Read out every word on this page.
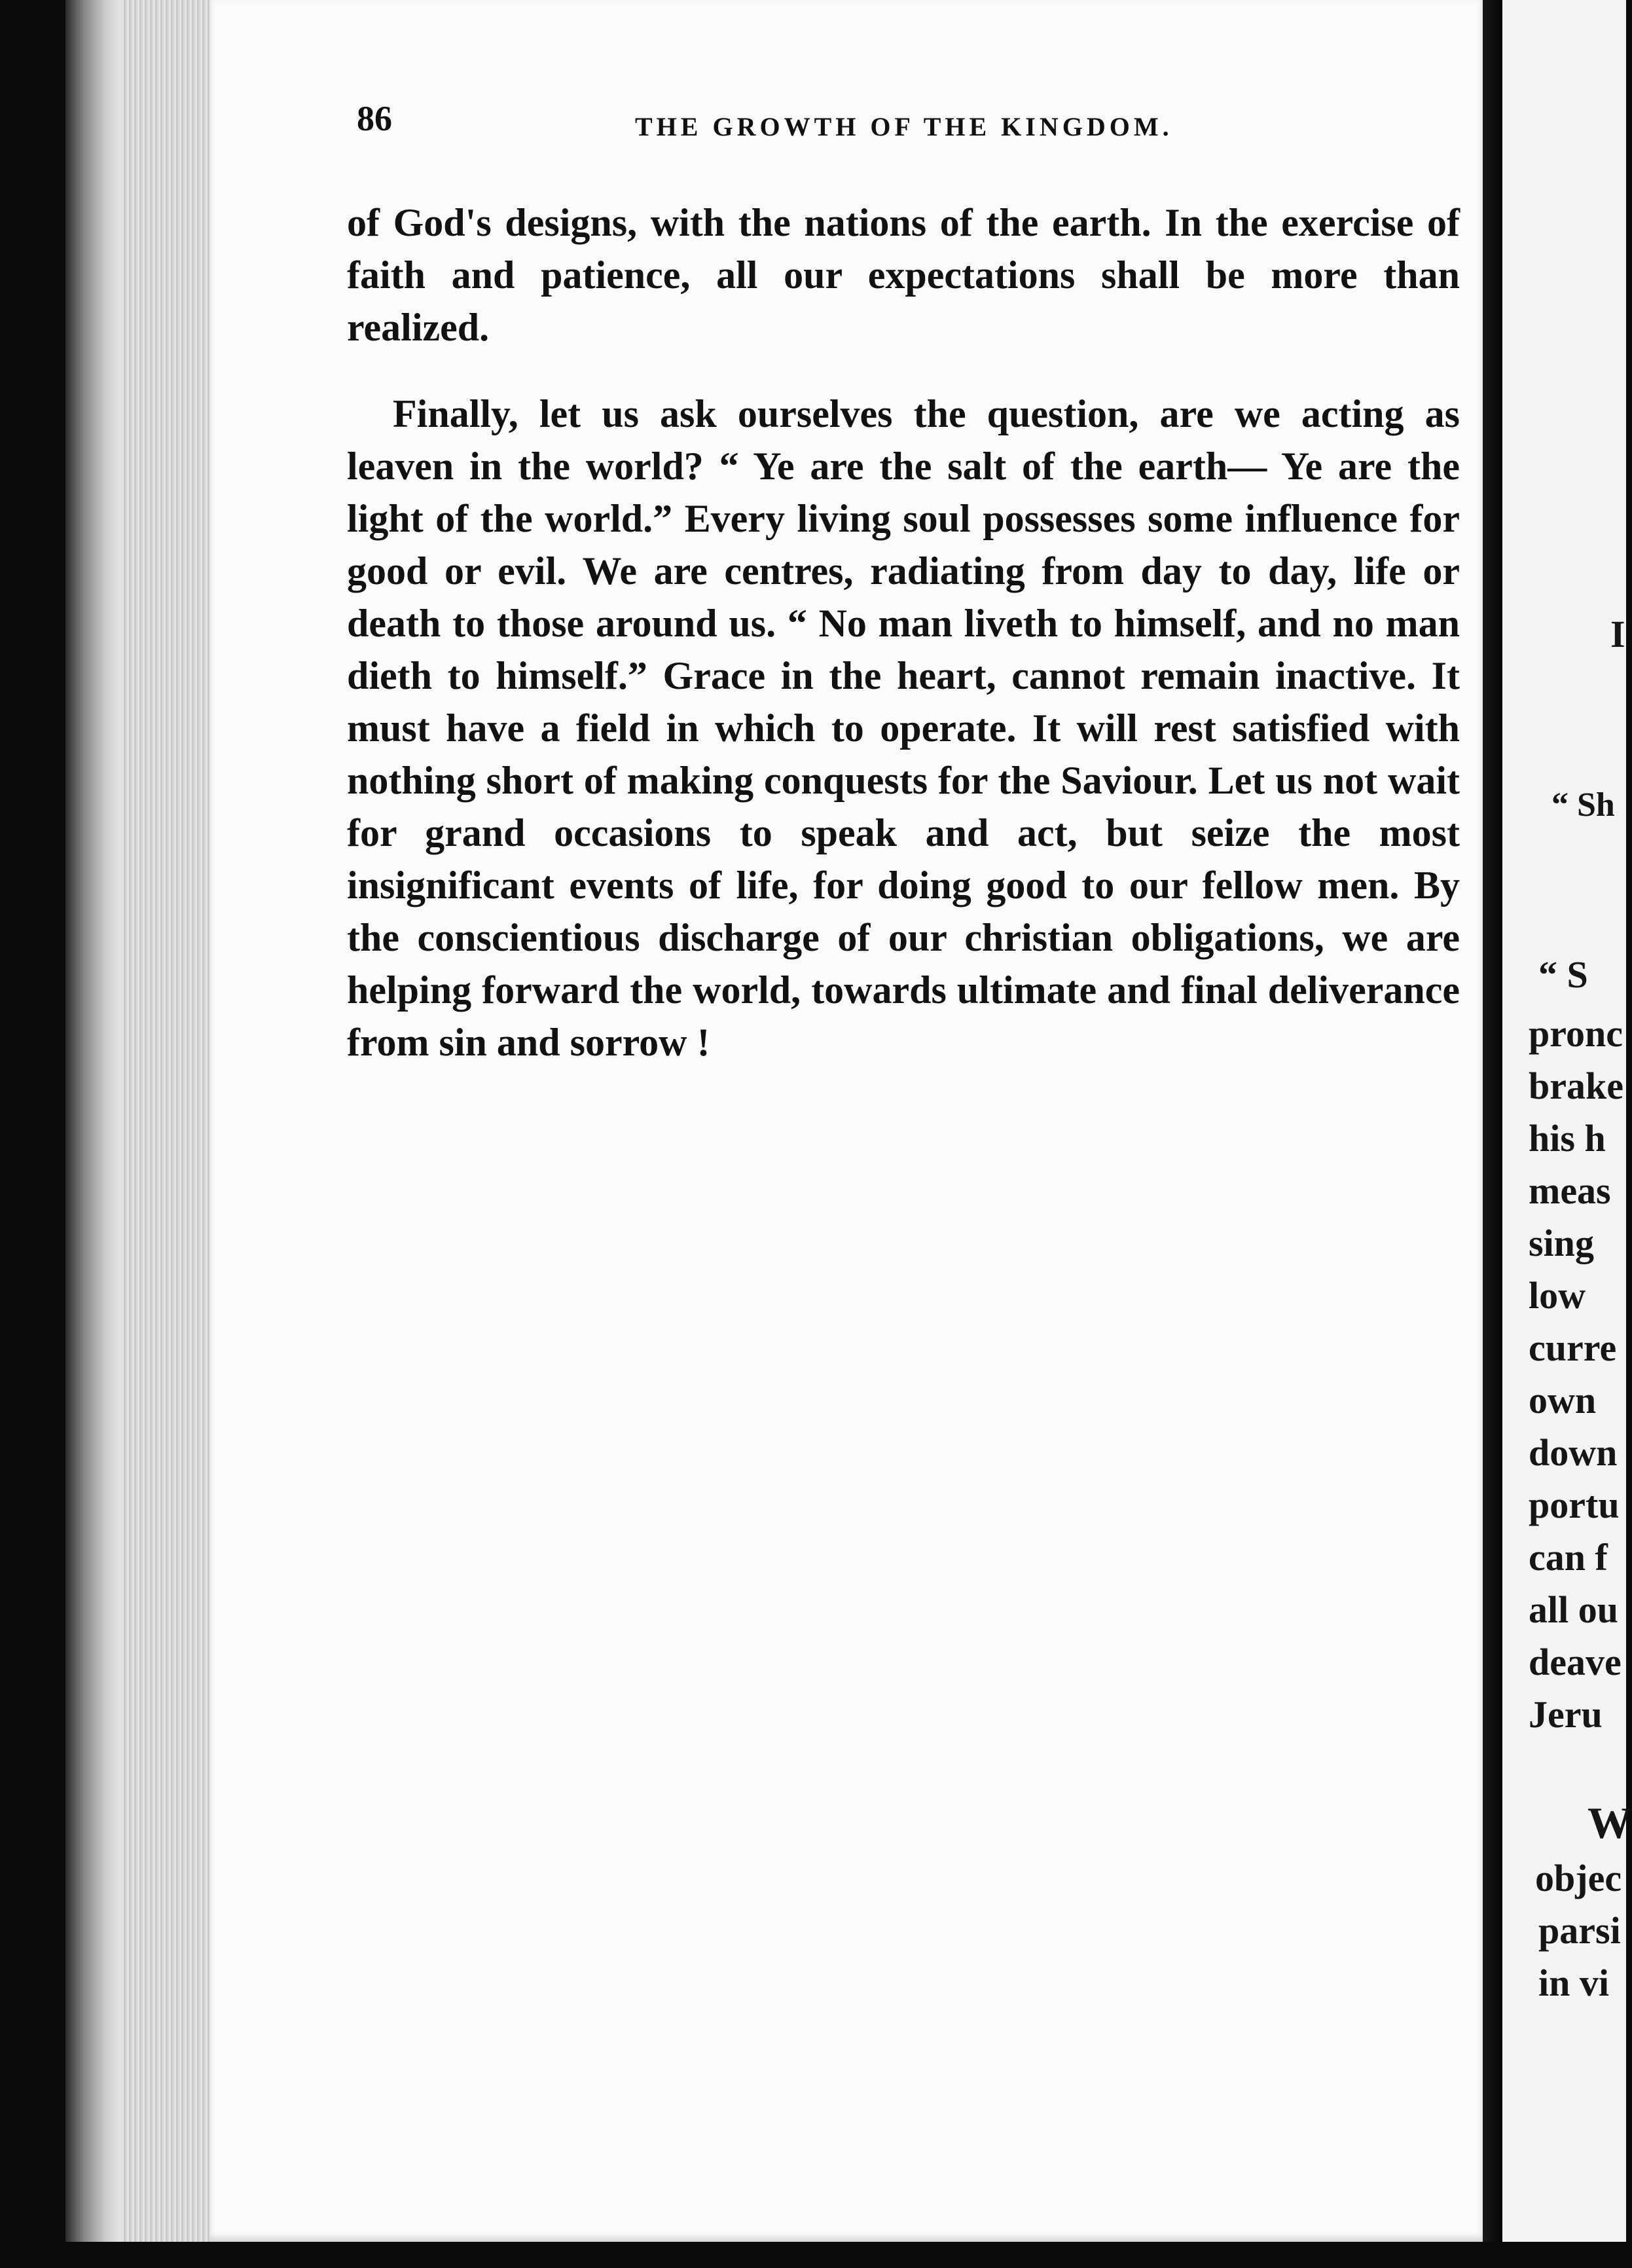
86	THE GROWTH OF THE KINGDOM.

of God's designs, with the nations of the earth. In the exercise of faith and patience, all our expectations shall be more than realized.

Finally, let us ask ourselves the question, are we acting as leaven in the world? “ Ye are the salt of the earth— Ye are the light of the world.” Every living soul possesses some influence for good or evil. We are centres, radiating from day to day, life or death to those around us. “ No man liveth to himself, and no man dieth to himself.” Grace in the heart, cannot remain inactive. It must have a field in which to operate. It will rest satisfied with nothing short of making conquests for the Saviour. Let us not wait for grand occasions to speak and act, but seize the most insignificant events of life, for doing good to our fellow men. By the conscientious discharge of our christian obligations, we are helping forward the world, towards ultimate and final deliverance from sin and sorrow !

I
“ Sh
“ S
pronc
brake
his h
meas
sing
low
curre
own
down
portu
can f
all ou
deave
Jeru
W
objec
parsi
in vi
